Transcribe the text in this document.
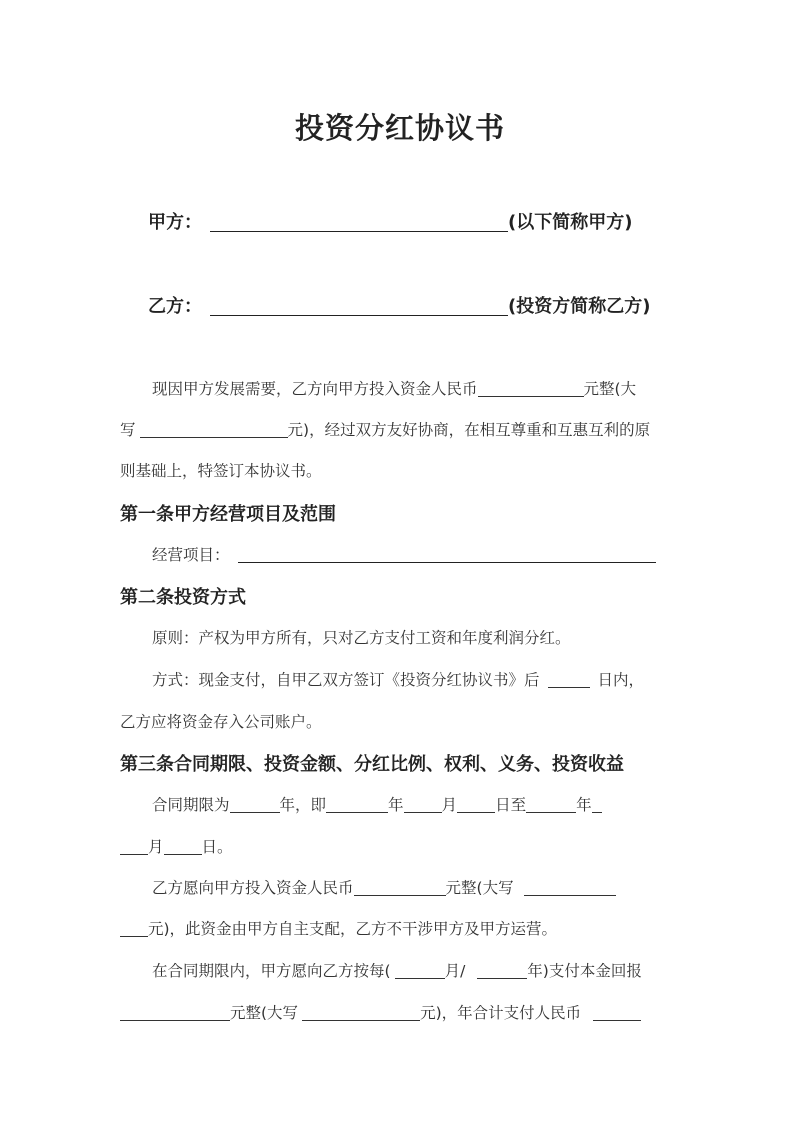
投资分红协议书
甲方：	(以下简称甲方)
乙方：	(投资方简称乙方)
现因甲方发展需要，乙方向甲方投入资金人民币	元整(大
写	元)，经过双方友好协商，在相互尊重和互惠互利的原
则基础上，特签订本协议书。
第一条甲方经营项目及范围
经营项目：
第二条投资方式
原则：产权为甲方所有，只对乙方支付工资和年度利润分红。
方式：现金支付，自甲乙双方签订《投资分红协议书》后	日内，
乙方应将资金存入公司账户。
第三条合同期限、投资金额、分红比例、权利、义务、投资收益
合同期限为	年，即	年 月 日至	年
月 日。
乙方愿向甲方投入资金人民币	元整(大写
元)，此资金由甲方自主支配，乙方不干涉甲方及甲方运营。
在合同期限内，甲方愿向乙方按每(	月/	年)支付本金回报
元整(大写	元)，年合计支付人民币
